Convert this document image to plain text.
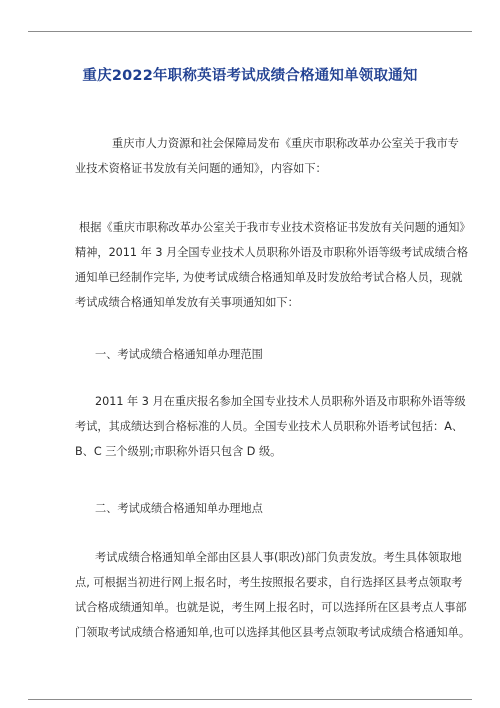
重庆2022年职称英语考试成绩合格通知单领取通知

重庆市人力资源和社会保障局发布《重庆市职称改革办公室关于我市专
业技术资格证书发放有关问题的通知》，内容如下：

根据《重庆市职称改革办公室关于我市专业技术资格证书发放有关问题的通知》
精神，2011 年 3 月全国专业技术人员职称外语及市职称外语等级考试成绩合格
通知单已经制作完毕, 为使考试成绩合格通知单及时发放给考试合格人员，现就
考试成绩合格通知单发放有关事项通知如下：

一、考试成绩合格通知单办理范围

2011 年 3 月在重庆报名参加全国专业技术人员职称外语及市职称外语等级
考试，其成绩达到合格标准的人员。全国专业技术人员职称外语考试包括：A、
B、C 三个级别;市职称外语只包含 D 级。

二、考试成绩合格通知单办理地点

考试成绩合格通知单全部由区县人事(职改)部门负责发放。考生具体领取地
点, 可根据当初进行网上报名时，考生按照报名要求，自行选择区县考点领取考
试合格成绩通知单。也就是说，考生网上报名时，可以选择所在区县考点人事部
门领取考试成绩合格通知单,也可以选择其他区县考点领取考试成绩合格通知单。
